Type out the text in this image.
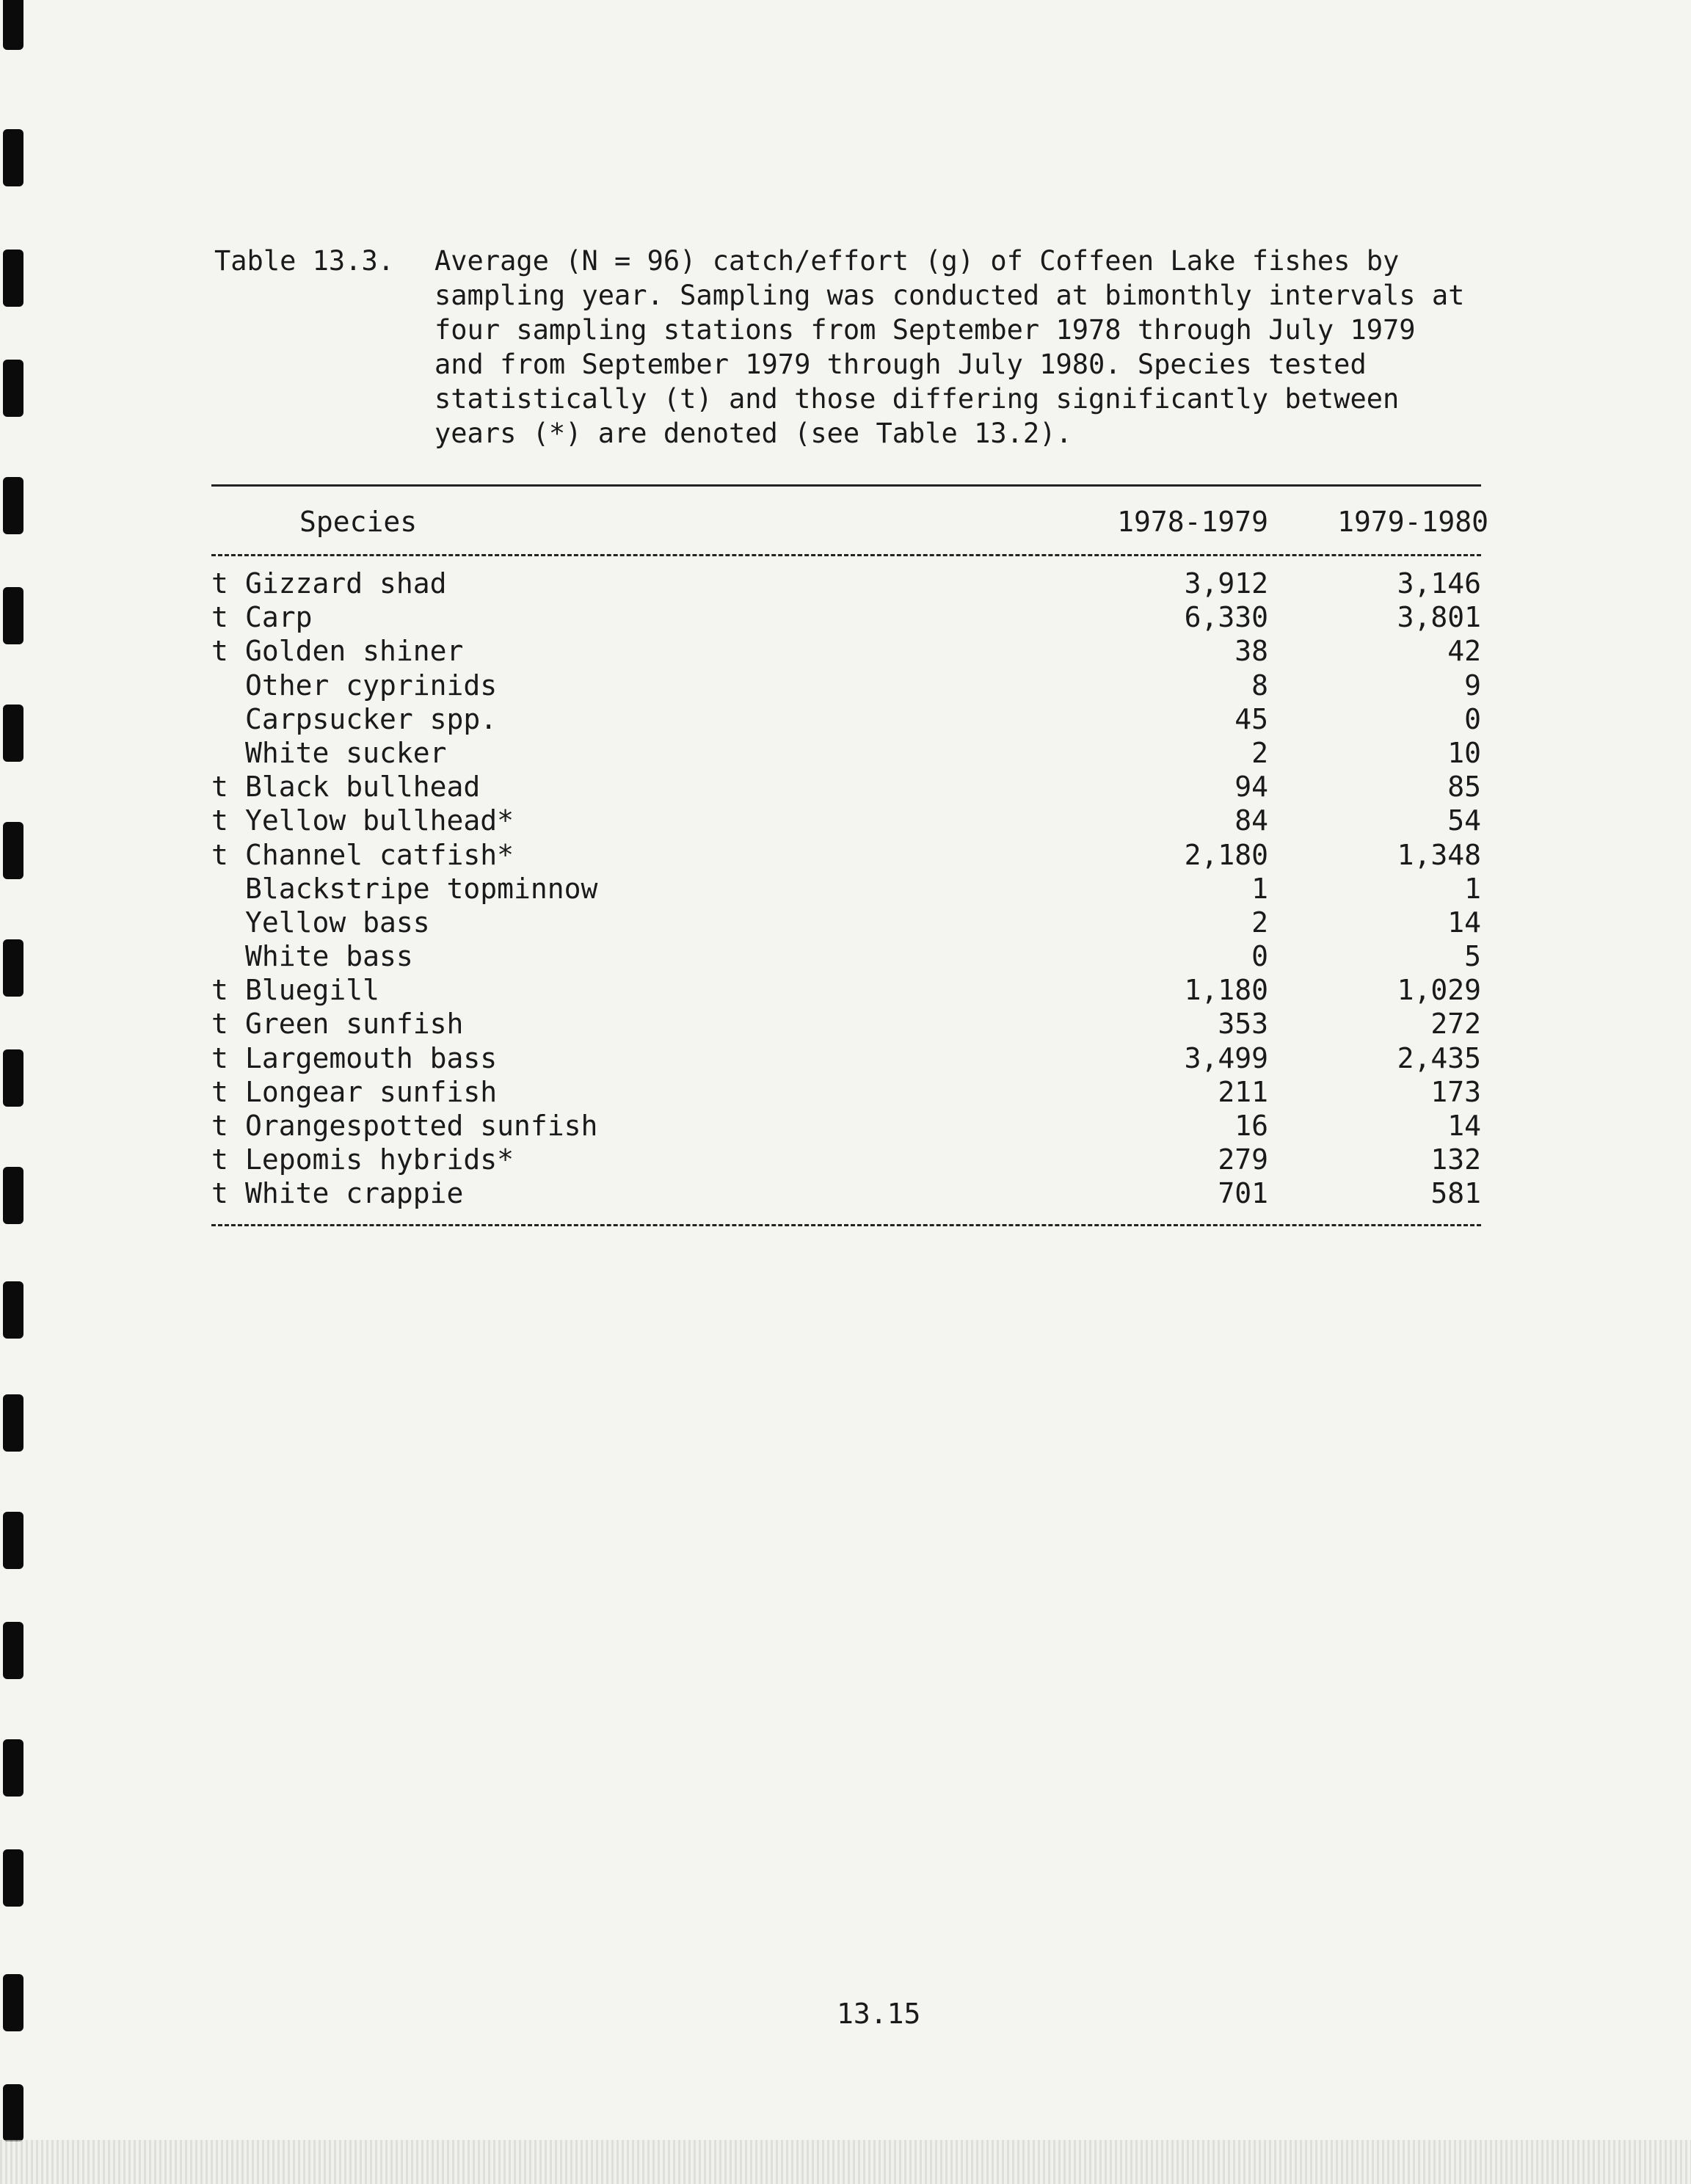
Table 13.3.	Average (N = 96) catch/effort (g) of Coffeen Lake fishes by sampling year. Sampling was conducted at bimonthly intervals at four sampling stations from September 1978 through July 1979 and from September 1979 through July 1980. Species tested statistically (t) and those differing significantly between years (*) are denoted (see Table 13.2).
Species	1978-1979	1979-1980
t Gizzard shad	3,912	3,146
t Carp	6,330	3,801
t Golden shiner	38	42
Other cyprinids	8	9
Carpsucker spp.	45	0
White sucker	2	10
t Black bullhead	94	85
t Yellow bullhead*	84	54
t Channel catfish*	2,180	1,348
Blackstripe topminnow	1	1
Yellow bass	2	14
White bass	0	5
t Bluegill	1,180	1,029
t Green sunfish	353	272
t Largemouth bass	3,499	2,435
t Longear sunfish	211	173
t Orangespotted sunfish	16	14
t Lepomis hybrids*	279	132
t White crappie	701	581
13.15
